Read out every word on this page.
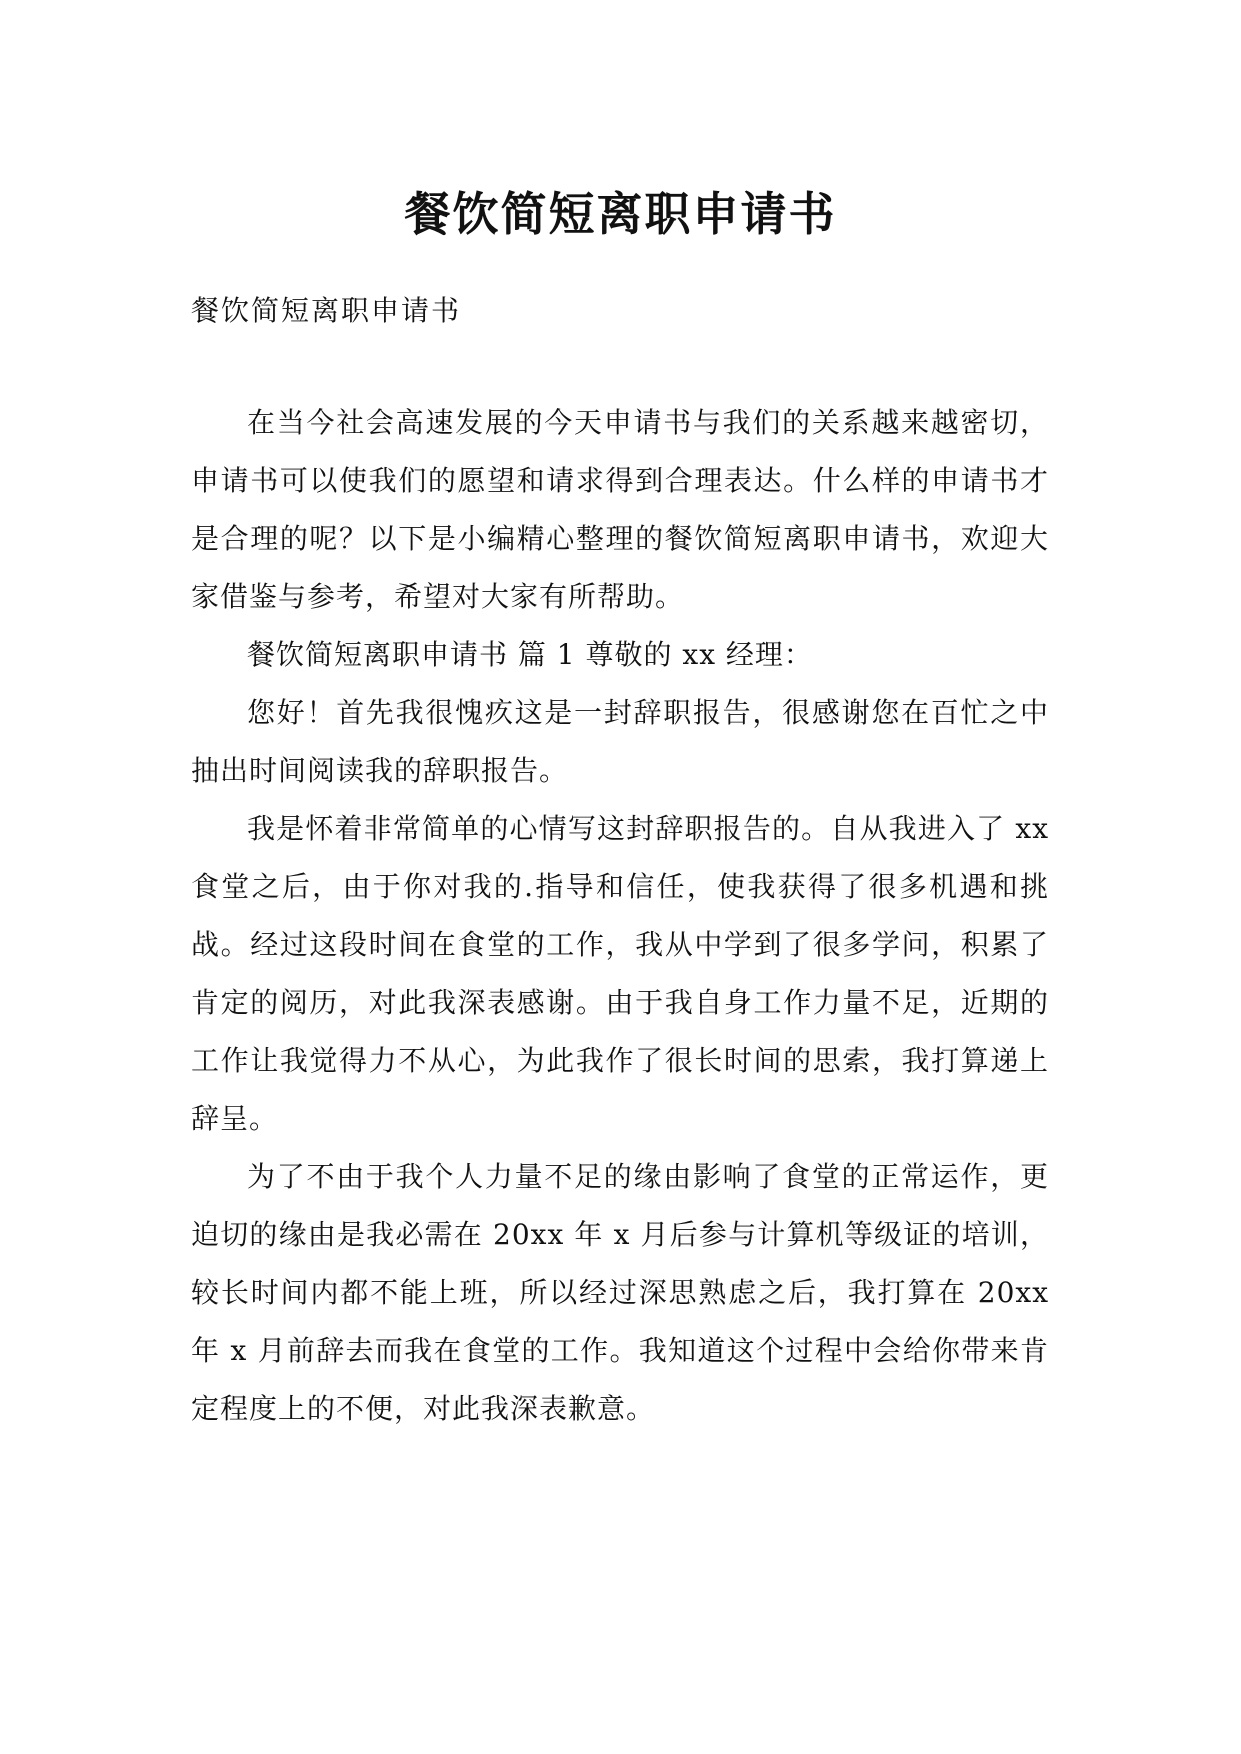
餐饮简短离职申请书

餐饮简短离职申请书

在当今社会高速发展的今天申请书与我们的关系越来越密切，申请书可以使我们的愿望和请求得到合理表达。什么样的申请书才是合理的呢？以下是小编精心整理的餐饮简短离职申请书，欢迎大家借鉴与参考，希望对大家有所帮助。

餐饮简短离职申请书 篇 1 尊敬的 xx 经理：

您好！首先我很愧疚这是一封辞职报告，很感谢您在百忙之中抽出时间阅读我的辞职报告。

我是怀着非常简单的心情写这封辞职报告的。自从我进入了 xx 食堂之后，由于你对我的.指导和信任，使我获得了很多机遇和挑战。经过这段时间在食堂的工作，我从中学到了很多学问，积累了肯定的阅历，对此我深表感谢。由于我自身工作力量不足，近期的工作让我觉得力不从心，为此我作了很长时间的思索，我打算递上辞呈。

为了不由于我个人力量不足的缘由影响了食堂的正常运作，更迫切的缘由是我必需在 20xx 年 x 月后参与计算机等级证的培训，较长时间内都不能上班，所以经过深思熟虑之后，我打算在 20xx 年 x 月前辞去而我在食堂的工作。我知道这个过程中会给你带来肯定程度上的不便，对此我深表歉意。
